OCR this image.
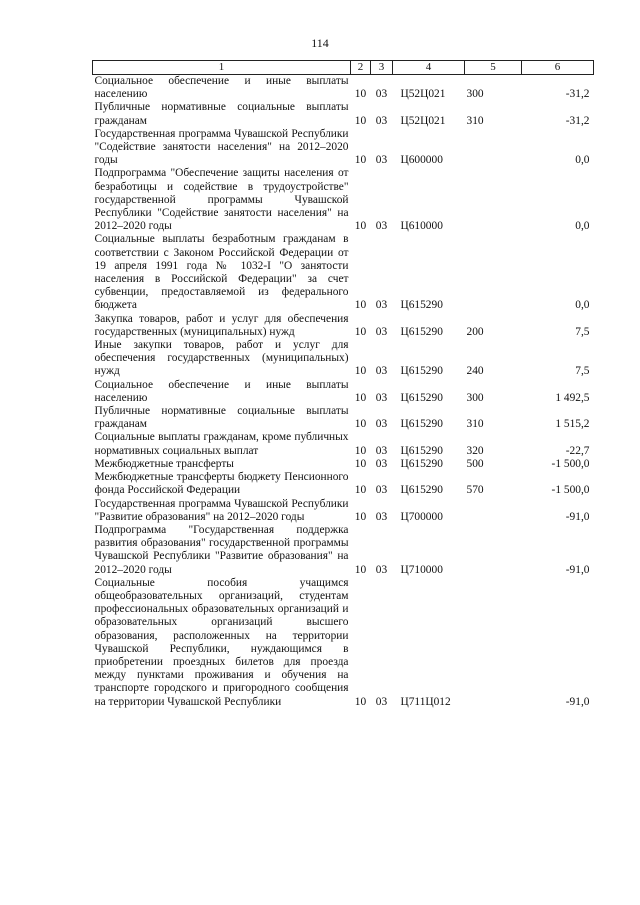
114
1	2	3	4	5	6
Социальное обеспечение и иные выплаты населению	10	03	Ц52Ц021	300	-31,2
Публичные нормативные социальные выплаты гражданам	10	03	Ц52Ц021	310	-31,2
Государственная программа Чувашской Республики "Содействие занятости населения" на 2012–2020 годы	10	03	Ц600000		0,0
Подпрограмма "Обеспечение защиты населения от безработицы и содействие в трудоустройстве" государственной программы Чувашской Республики "Содействие занятости населения" на 2012–2020 годы	10	03	Ц610000		0,0
Социальные выплаты безработным гражданам в соответствии с Законом Российской Федерации от 19 апреля 1991 года № 1032-I "О занятости населения в Российской Федерации" за счет субвенции, предоставляемой из федерального бюджета	10	03	Ц615290		0,0
Закупка товаров, работ и услуг для обеспечения государственных (муниципальных) нужд	10	03	Ц615290	200	7,5
Иные закупки товаров, работ и услуг для обеспечения государственных (муниципальных) нужд	10	03	Ц615290	240	7,5
Социальное обеспечение и иные выплаты населению	10	03	Ц615290	300	1 492,5
Публичные нормативные социальные выплаты гражданам	10	03	Ц615290	310	1 515,2
Социальные выплаты гражданам, кроме публичных нормативных социальных выплат	10	03	Ц615290	320	-22,7
Межбюджетные трансферты	10	03	Ц615290	500	-1 500,0
Межбюджетные трансферты бюджету Пенсионного фонда Российской Федерации	10	03	Ц615290	570	-1 500,0
Государственная программа Чувашской Республики "Развитие образования" на 2012–2020 годы	10	03	Ц700000		-91,0
Подпрограмма "Государственная поддержка развития образования" государственной программы Чувашской Республики "Развитие образования" на 2012–2020 годы	10	03	Ц710000		-91,0
Социальные пособия учащимся общеобразовательных организаций, студентам профессиональных образовательных организаций и образовательных организаций высшего образования, расположенных на территории Чувашской Республики, нуждающимся в приобретении проездных билетов для проезда между пунктами проживания и обучения на транспорте городского и пригородного сообщения на территории Чувашской Республики	10	03	Ц711Ц012		-91,0
